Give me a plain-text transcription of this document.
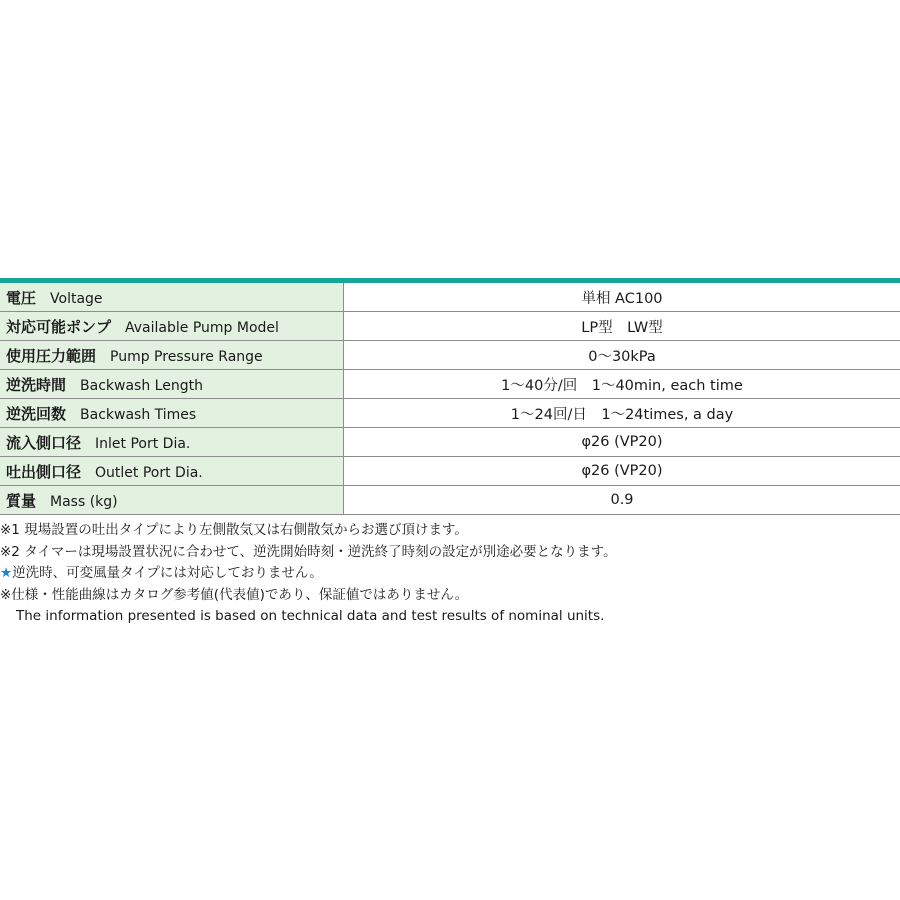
電圧 Voltage	単相 AC100
対応可能ポンプ Available Pump Model	LP型　LW型
使用圧力範囲 Pump Pressure Range	0〜30kPa
逆洗時間 Backwash Length	1〜40分/回　1〜40min, each time
逆洗回数 Backwash Times	1〜24回/日　1〜24times, a day
流入側口径 Inlet Port Dia.	φ26 (VP20)
吐出側口径 Outlet Port Dia.	φ26 (VP20)
質量 Mass (kg)	0.9
※1 現場設置の吐出タイプにより左側散気又は右側散気からお選び頂けます。
※2 タイマーは現場設置状況に合わせて、逆洗開始時刻・逆洗終了時刻の設定が別途必要となります。
★逆洗時、可変風量タイプには対応しておりません。
※仕様・性能曲線はカタログ参考値(代表値)であり、保証値ではありません。
The information presented is based on technical data and test results of nominal units.
